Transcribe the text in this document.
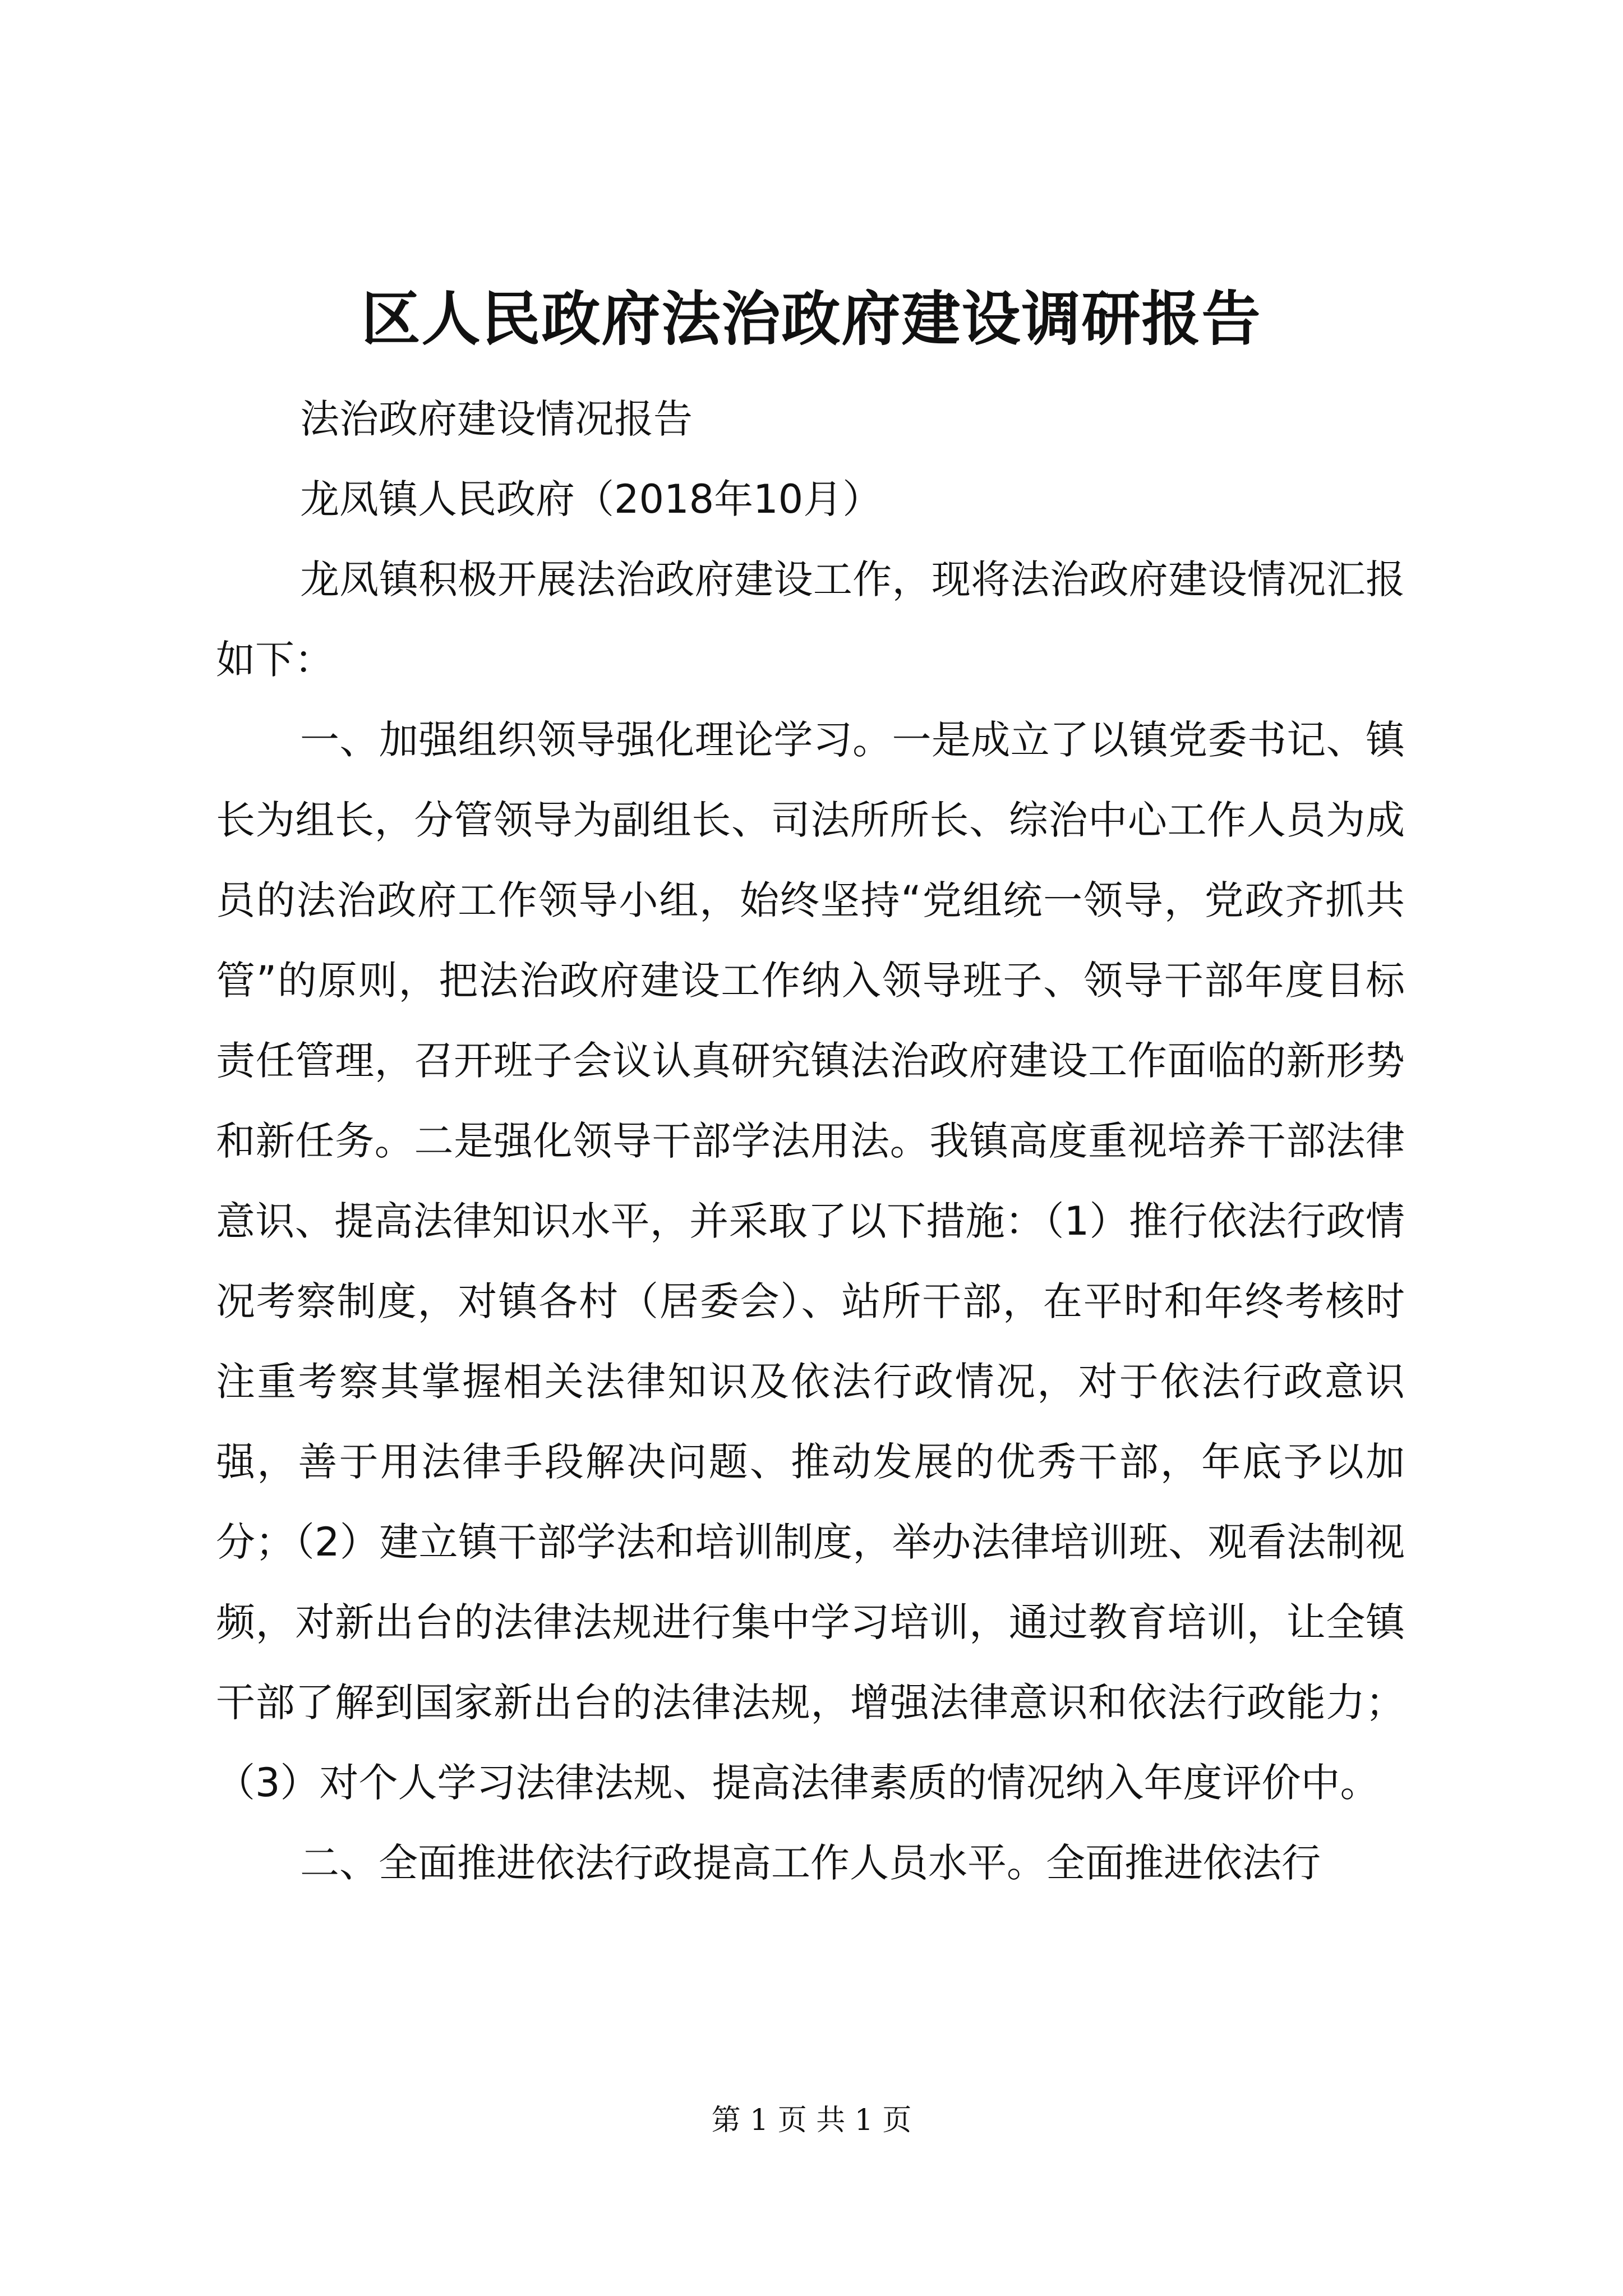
区人民政府法治政府建设调研报告

法治政府建设情况报告

龙凤镇人民政府（2018年10月）

龙凤镇积极开展法治政府建设工作，现将法治政府建设情况汇报如下：

一、加强组织领导强化理论学习。一是成立了以镇党委书记、镇长为组长，分管领导为副组长、司法所所长、综治中心工作人员为成员的法治政府工作领导小组，始终坚持“党组统一领导，党政齐抓共管”的原则，把法治政府建设工作纳入领导班子、领导干部年度目标责任管理，召开班子会议认真研究镇法治政府建设工作面临的新形势和新任务。二是强化领导干部学法用法。我镇高度重视培养干部法律意识、提高法律知识水平，并采取了以下措施：（1）推行依法行政情况考察制度，对镇各村（居委会）、站所干部，在平时和年终考核时注重考察其掌握相关法律知识及依法行政情况，对于依法行政意识强，善于用法律手段解决问题、推动发展的优秀干部，年底予以加分；（2）建立镇干部学法和培训制度，举办法律培训班、观看法制视频，对新出台的法律法规进行集中学习培训，通过教育培训，让全镇干部了解到国家新出台的法律法规，增强法律意识和依法行政能力；（3）对个人学习法律法规、提高法律素质的情况纳入年度评价中。

二、全面推进依法行政提高工作人员水平。全面推进依法行

第 1 页 共 1 页
